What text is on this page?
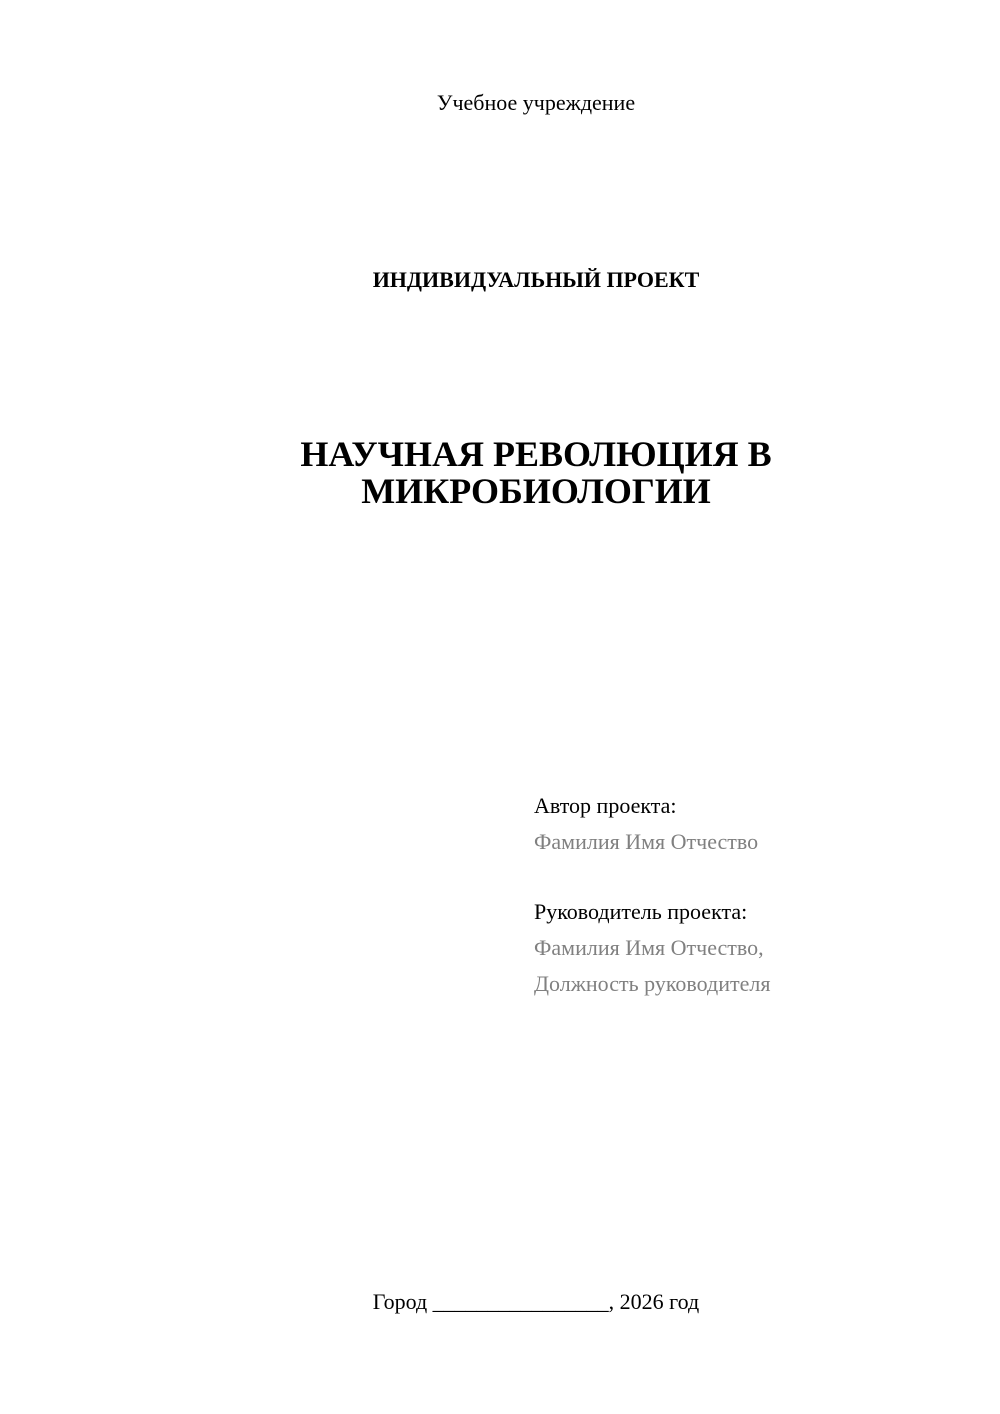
Учебное учреждение
ИНДИВИДУАЛЬНЫЙ ПРОЕКТ
НАУЧНАЯ РЕВОЛЮЦИЯ В
МИКРОБИОЛОГИИ
Автор проекта:
Фамилия Имя Отчество
Руководитель проекта:
Фамилия Имя Отчество,
Должность руководителя
Город ________________, 2026 год
